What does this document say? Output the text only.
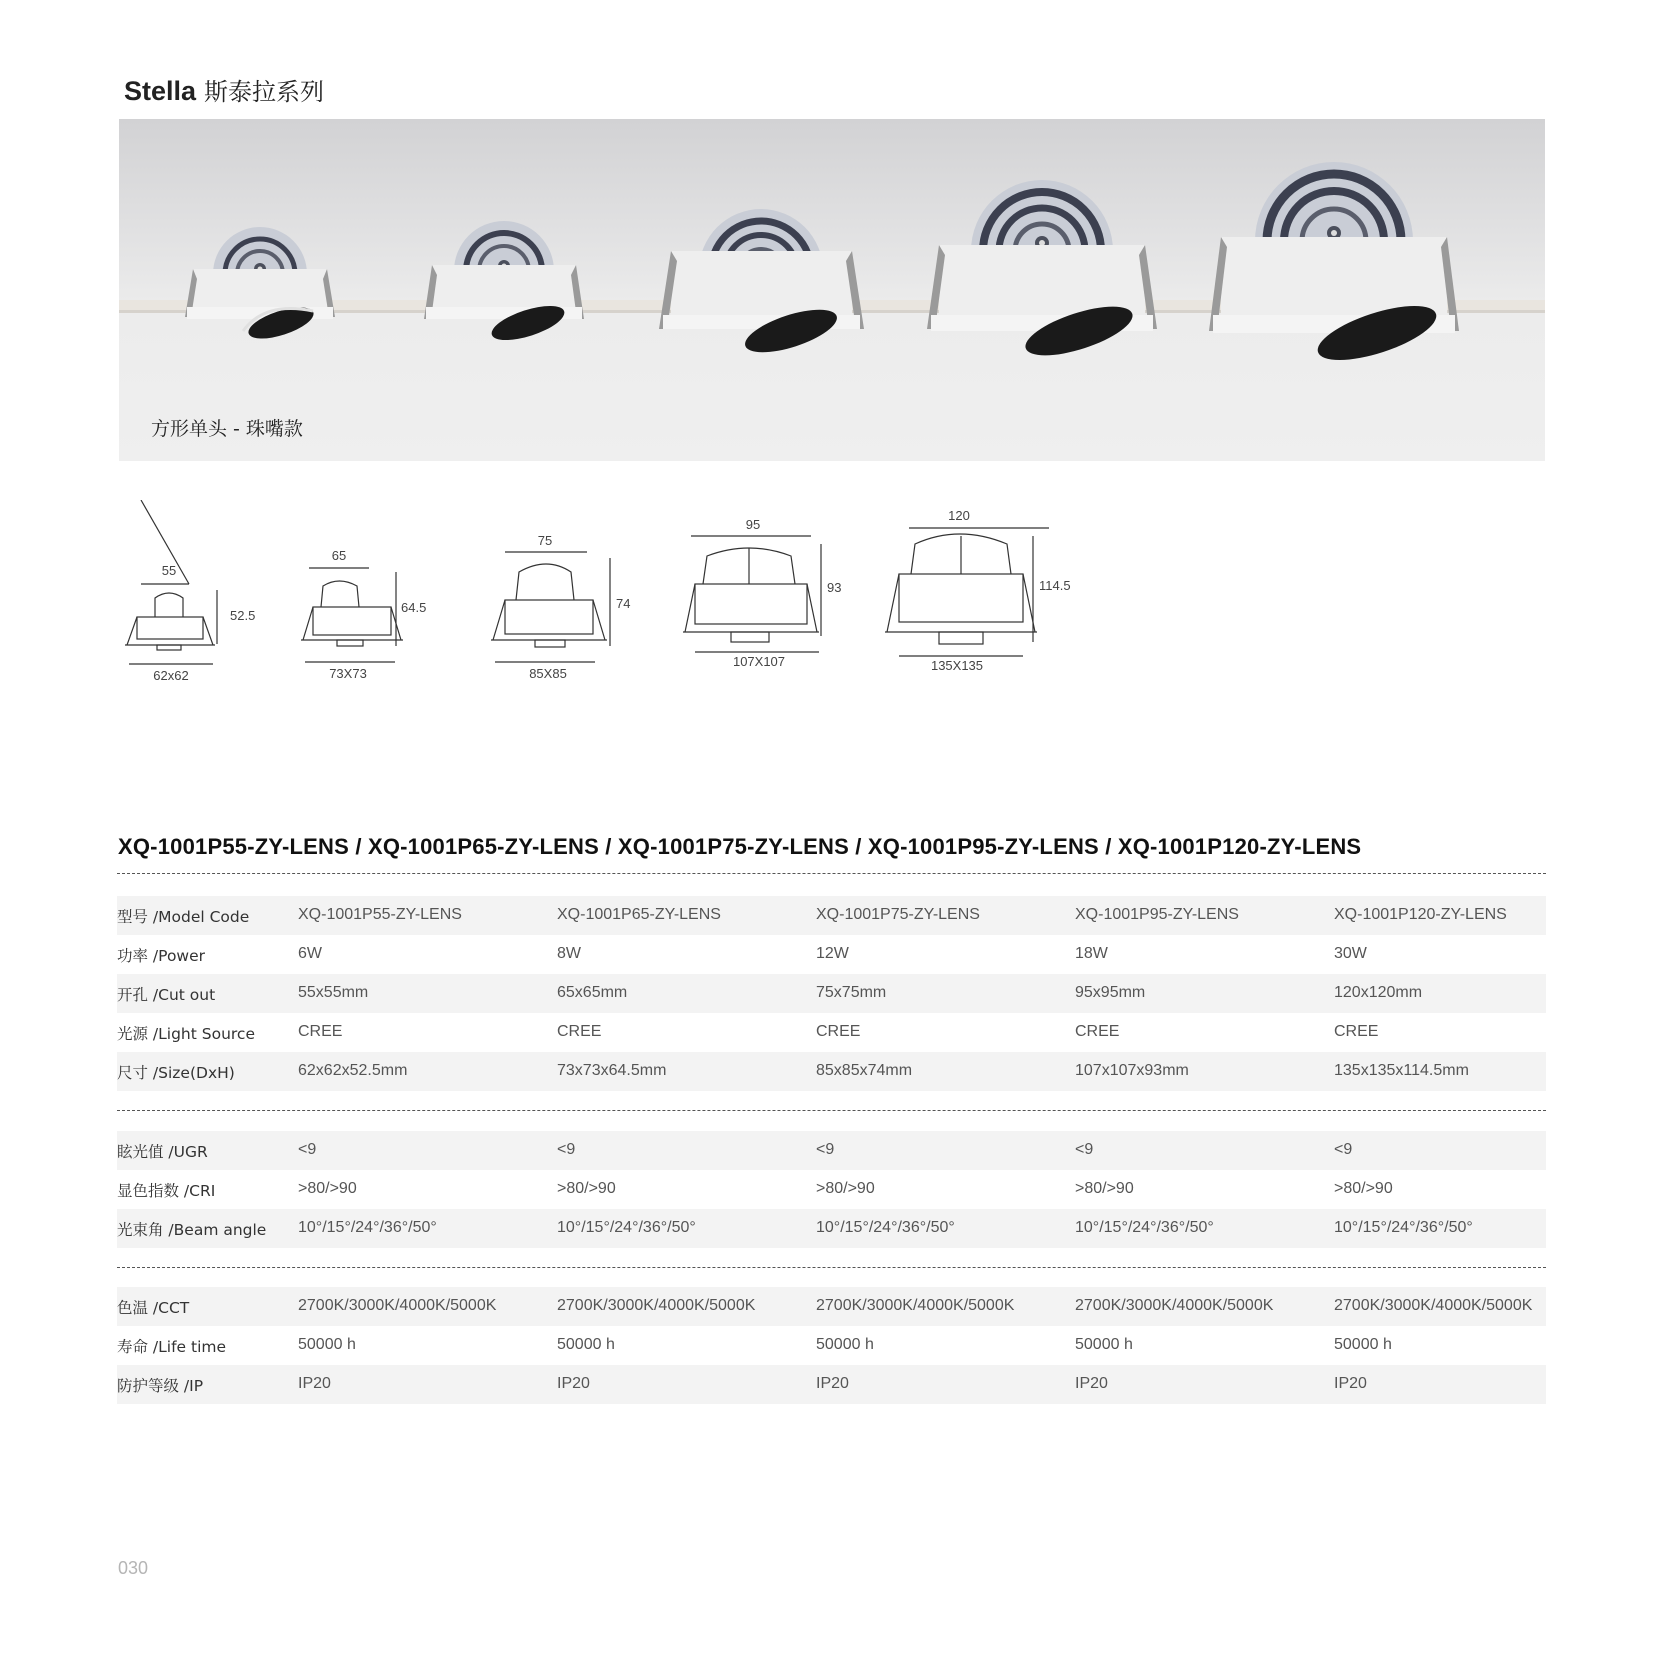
Stella 斯泰拉系列
方形单头 - 珠嘴款
55
52.5
62x62
65
64.5
73X73
75
74
85X85
95
93
107X107
120
114.5
135X135
XQ-1001P55-ZY-LENS / XQ-1001P65-ZY-LENS / XQ-1001P75-ZY-LENS / XQ-1001P95-ZY-LENS / XQ-1001P120-ZY-LENS
型号 /Model Code	XQ-1001P55-ZY-LENS	XQ-1001P65-ZY-LENS	XQ-1001P75-ZY-LENS	XQ-1001P95-ZY-LENS	XQ-1001P120-ZY-LENS
功率 /Power	6W	8W	12W	18W	30W
开孔 /Cut out	55x55mm	65x65mm	75x75mm	95x95mm	120x120mm
光源 /Light Source	CREE	CREE	CREE	CREE	CREE
尺寸 /Size(DxH)	62x62x52.5mm	73x73x64.5mm	85x85x74mm	107x107x93mm	135x135x114.5mm
眩光值 /UGR	<9	<9	<9	<9	<9
显色指数 /CRI	>80/>90	>80/>90	>80/>90	>80/>90	>80/>90
光束角 /Beam angle 10°/15°/24°/36°/50°	10°/15°/24°/36°/50°	10°/15°/24°/36°/50°	10°/15°/24°/36°/50°	10°/15°/24°/36°/50°
色温 /CCT	2700K/3000K/4000K/5000K	2700K/3000K/4000K/5000K	2700K/3000K/4000K/5000K	2700K/3000K/4000K/5000K	2700K/3000K/4000K/5000K
寿命 /Life time	50000 h	50000 h	50000 h	50000 h	50000 h
防护等级 /IP	IP20	IP20	IP20	IP20	IP20
030
